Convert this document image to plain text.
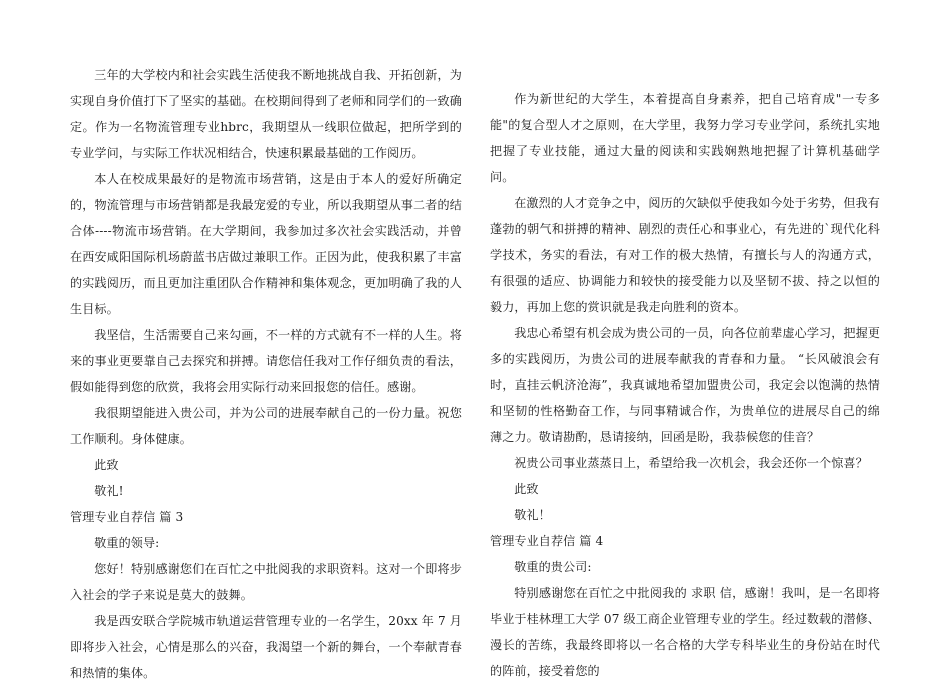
三年的大学校内和社会实践生活使我不断地挑战自我、开拓创新，为实现自身价值打下了坚实的基础。在校期间得到了老师和同学们的一致确定。作为一名物流管理专业hbrc，我期望从一线职位做起，把所学到的专业学问，与实际工作状况相结合，快速积累最基础的工作阅历。

本人在校成果最好的是物流市场营销，这是由于本人的爱好所确定的，物流管理与市场营销都是我最宠爱的专业，所以我期望从事二者的结合体----物流市场营销。在大学期间，我参加过多次社会实践活动，并曾在西安咸阳国际机场蔚蓝书店做过兼职工作。正因为此，使我积累了丰富的实践阅历，而且更加注重团队合作精神和集体观念，更加明确了我的人生目标。

我坚信，生活需要自己来勾画，不一样的方式就有不一样的人生。将来的事业更要靠自己去探究和拼搏。请您信任我对工作仔细负责的看法，假如能得到您的欣赏，我将会用实际行动来回报您的信任。感谢。

我很期望能进入贵公司，并为公司的进展奉献自己的一份力量。祝您工作顺利。身体健康。

此致

敬礼!

管理专业自荐信 篇 3

敬重的领导:

您好！特别感谢您们在百忙之中批阅我的求职资料。这对一个即将步入社会的学子来说是莫大的鼓舞。

我是西安联合学院城市轨道运营管理专业的一名学生，20xx 年 7 月即将步入社会，心情是那么的兴奋，我渴望一个新的舞台，一个奉献青春和热情的集体。

作为新世纪的大学生，本着提高自身素养，把自己培育成"一专多能"的复合型人才之原则，在大学里，我努力学习专业学问，系统扎实地把握了专业技能，通过大量的阅读和实践娴熟地把握了计算机基础学问。

在激烈的人才竞争之中，阅历的欠缺似乎使我如今处于劣势，但我有蓬勃的朝气和拼搏的精神、剧烈的责任心和事业心，有先进的`现代化科学技术，务实的看法，有对工作的极大热情，有擅长与人的沟通方式，有很强的适应、协调能力和较快的接受能力以及坚韧不拔、持之以恒的毅力，再加上您的赏识就是我走向胜利的资本。

我忠心希望有机会成为贵公司的一员，向各位前辈虚心学习，把握更多的实践阅历，为贵公司的进展奉献我的青春和力量。 “长风破浪会有时，直挂云帆济沧海”，我真诚地希望加盟贵公司，我定会以饱满的热情和坚韧的性格勤奋工作，与同事精诚合作，为贵单位的进展尽自己的绵薄之力。敬请勘酌，恳请接纳，回函是盼，我恭候您的佳音？

祝贵公司事业蒸蒸日上，希望给我一次机会，我会还你一个惊喜？

此致

敬礼！

管理专业自荐信 篇 4

敬重的贵公司:

特别感谢您在百忙之中批阅我的 求职 信，感谢！我叫，是一名即将毕业于桂林理工大学 07 级工商企业管理专业的学生。经过数载的潜修、漫长的苦练，我最终即将以一名合格的大学专科毕业生的身份站在时代的阵前，接受着您的
